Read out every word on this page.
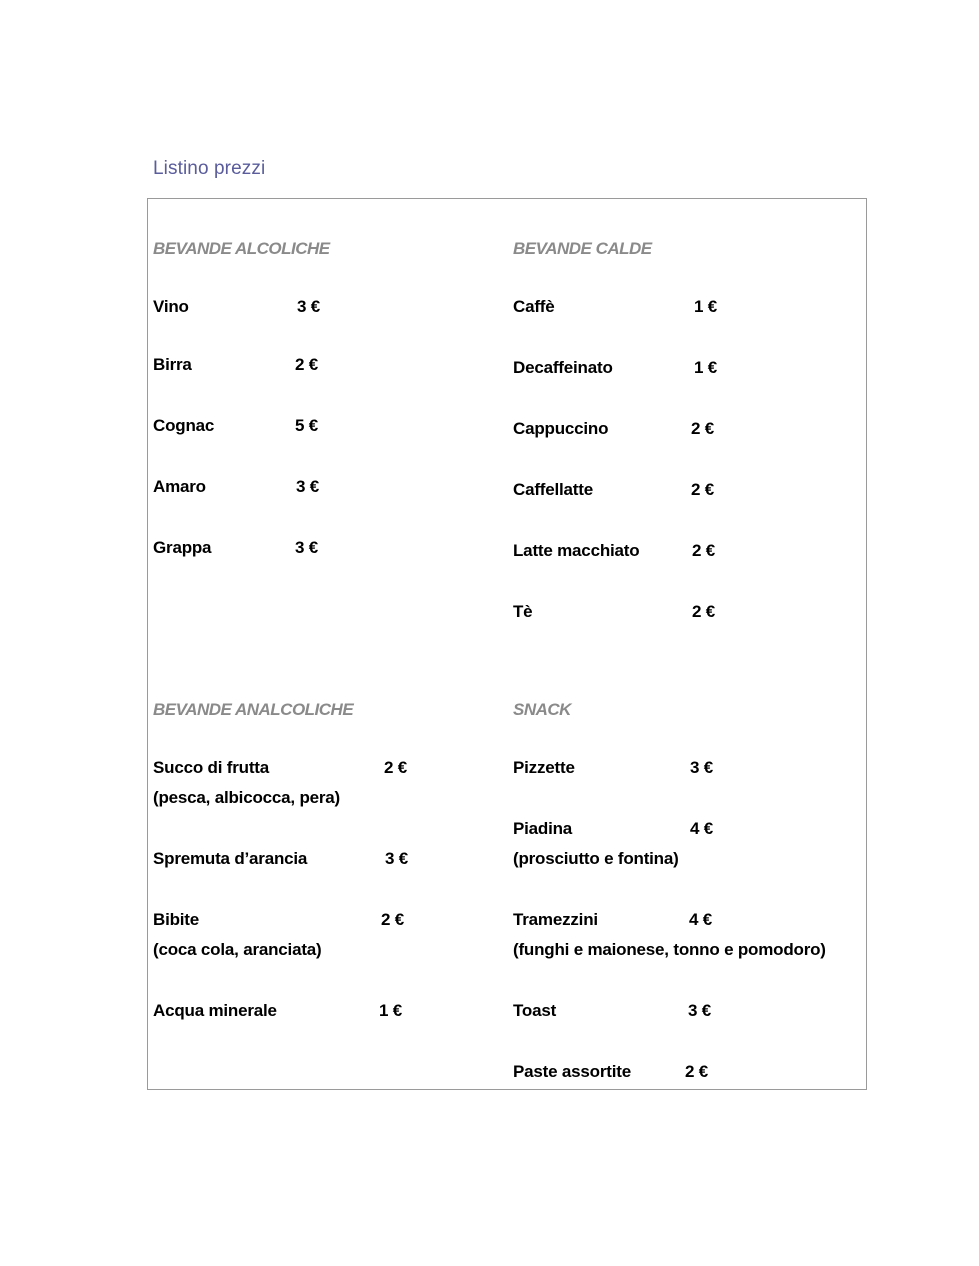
Listino prezzi
BEVANDE ALCOLICHE
Vino	3 €
Birra	2 €
Cognac	5 €
Amaro	3 €
Grappa	3 €
BEVANDE CALDE
Caffè	1 €
Decaffeinato	1 €
Cappuccino	2 €
Caffellatte	2 €
Latte macchiato	2 €
Tè	2 €
BEVANDE ANALCOLICHE
Succo di frutta	2 €
(pesca, albicocca, pera)
Spremuta d’arancia	3 €
Bibite	2 €
(coca cola, aranciata)
Acqua minerale	1 €
SNACK
Pizzette	3 €
Piadina	4 €
(prosciutto e fontina)
Tramezzini	4 €
(funghi e maionese, tonno e pomodoro)
Toast	3 €
Paste assortite	2 €
